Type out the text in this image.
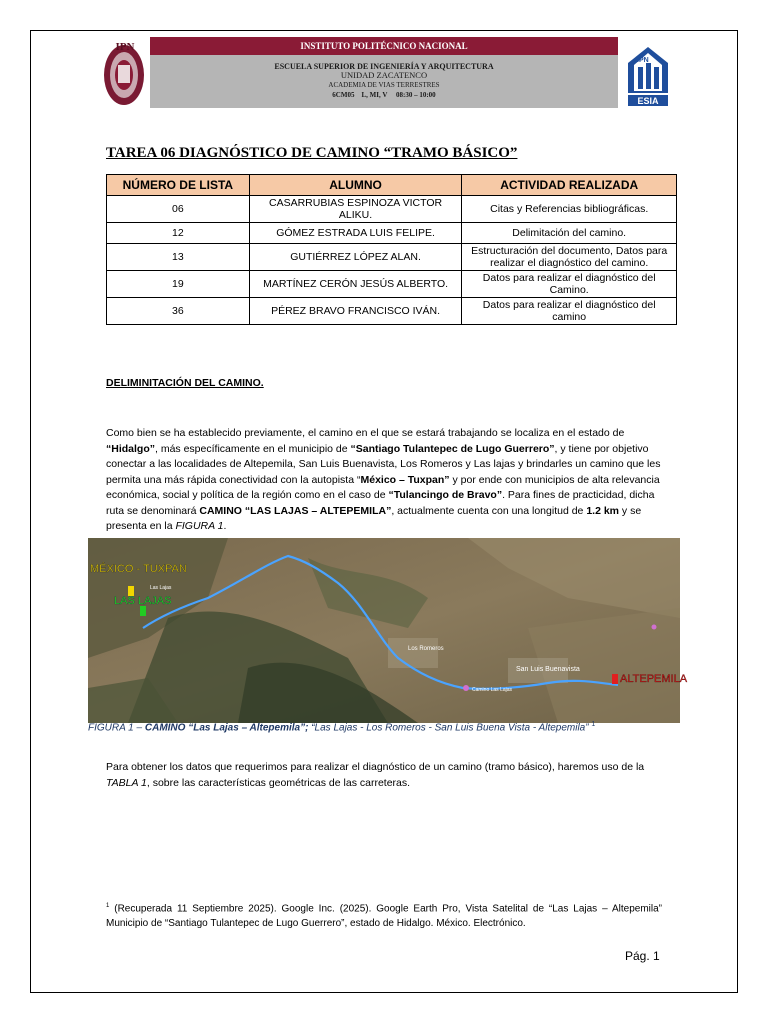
IPN	INSTITUTO POLITÉCNICO NACIONAL
ESCUELA SUPERIOR DE INGENIERÍA Y ARQUITECTURA
UNIDAD ZACATENCO
ACADEMIA DE VIAS TERRESTRES
6CM05    L, MI, V     08:30 – 10:00
IPN
ESIA
TAREA 06 DIAGNÓSTICO DE CAMINO “TRAMO BÁSICO”
NÚMERO DE LISTA	ALUMNO	ACTIVIDAD REALIZADA
06	CASARRUBIAS ESPINOZA VICTOR ALIKU.	Citas y Referencias bibliográficas.
12	GÓMEZ ESTRADA LUIS FELIPE.	Delimitación del camino.
13	GUTIÉRREZ LÓPEZ ALAN.	Estructuración del documento, Datos para realizar el diagnóstico del camino.
19	MARTÍNEZ CERÓN JESÚS ALBERTO.	Datos para realizar el diagnóstico del Camino.
36	PÉREZ BRAVO FRANCISCO IVÁN.	Datos para realizar el diagnóstico del camino
DELIMINITACIÓN DEL CAMINO.
Como bien se ha establecido previamente, el camino en el que se estará trabajando se localiza en el estado de “Hidalgo”, más específicamente en el municipio de “Santiago Tulantepec de Lugo Guerrero”, y tiene por objetivo conectar a las localidades de Altepemila, San Luis Buenavista, Los Romeros y Las lajas y brindarles un camino que les permita una más rápida conectividad con la autopista “México – Tuxpan” y por ende con municipios de alta relevancia económica, social y política de la región como en el caso de “Tulancingo de Bravo”. Para fines de practicidad, dicha ruta se denominará CAMINO “LAS LAJAS – ALTEPEMILA”, actualmente cuenta con una longitud de 1.2 km y se presenta en la FIGURA 1.
MÉXICO - TUXPAN
LAS LAJAS
Las Lajas
Los Romeros
San Luis Buenavista
Camino Las Lajas
ALTEPEMILA
FIGURA 1 – CAMINO “Las Lajas – Altepemila”; “Las Lajas - Los Romeros - San Luis Buena Vista - Altepemila” $^1$
Para obtener los datos que requerimos para realizar el diagnóstico de un camino (tramo básico), haremos uso de la TABLA 1, sobre las características geométricas de las carreteras.
$^1$ (Recuperada 11 Septiembre 2025). Google Inc. (2025). Google Earth Pro, Vista Satelital de “Las Lajas – Altepemila” Municipio de “Santiago Tulantepec de Lugo Guerrero”, estado de Hidalgo. México. Electrónico.
Pág. 1
